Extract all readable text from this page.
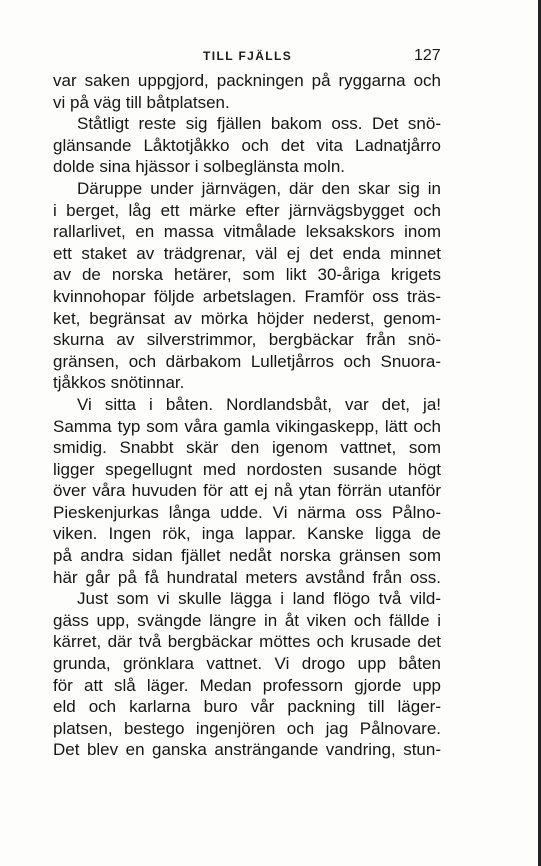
TILL FJÄLLS	127
var saken uppgjord, packningen på ryggarna och
vi på väg till båtplatsen.
Ståtligt reste sig fjällen bakom oss. Det snö-
glänsande Låktotjåkko och det vita Ladnatjårro
dolde sina hjässor i solbeglänsta moln.
Däruppe under järnvägen, där den skar sig in
i berget, låg ett märke efter järnvägsbygget och
rallarlivet, en massa vitmålade leksakskors inom
ett staket av trädgrenar, väl ej det enda minnet
av de norska hetärer, som likt 30-åriga krigets
kvinnohopar följde arbetslagen. Framför oss träs-
ket, begränsat av mörka höjder nederst, genom-
skurna av silverstrimmor, bergbäckar från snö-
gränsen, och därbakom Lulletjårros och Snuora-
tjåkkos snötinnar.
Vi sitta i båten. Nordlandsbåt, var det, ja!
Samma typ som våra gamla vikingaskepp, lätt och
smidig. Snabbt skär den igenom vattnet, som
ligger spegellugnt med nordosten susande högt
över våra huvuden för att ej nå ytan förrän utanför
Pieskenjurkas långa udde. Vi närma oss Pålno-
viken. Ingen rök, inga lappar. Kanske ligga de
på andra sidan fjället nedåt norska gränsen som
här går på få hundratal meters avstånd från oss.
Just som vi skulle lägga i land flögo två vild-
gäss upp, svängde längre in åt viken och fällde i
kärret, där två bergbäckar möttes och krusade det
grunda, grönklara vattnet. Vi drogo upp båten
för att slå läger. Medan professorn gjorde upp
eld och karlarna buro vår packning till läger-
platsen, bestego ingenjören och jag Pålnovare.
Det blev en ganska ansträngande vandring, stun-
